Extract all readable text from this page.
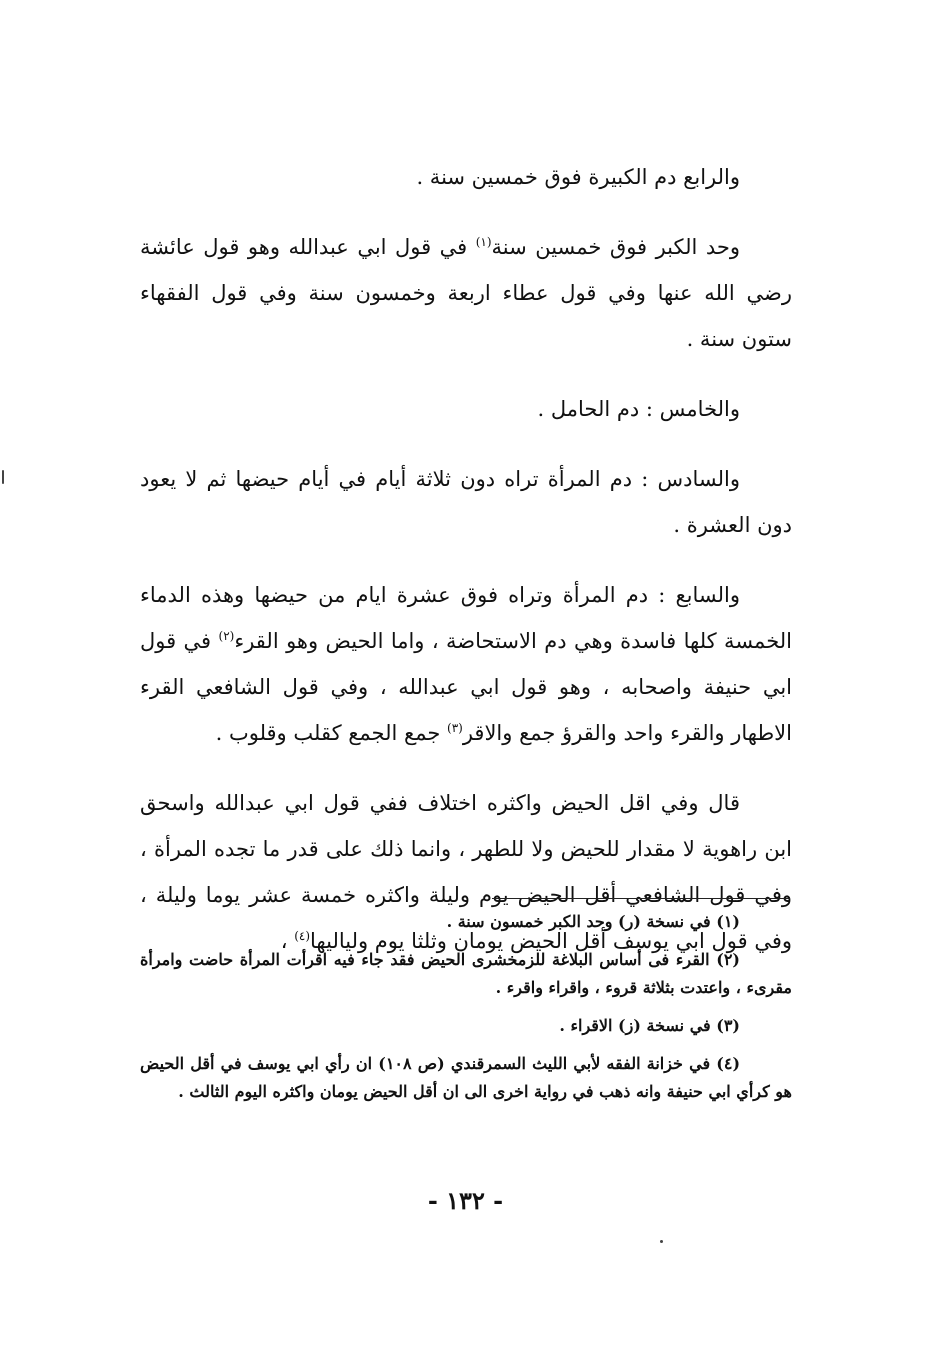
والرابع دم الكبيرة فوق خمسين سنة .

وحد الكبر فوق خمسين سنة$^{(١)}$ في قول ابي عبدالله وهو قول عائشة رضي الله عنها وفي قول عطاء اربعة وخمسون سنة وفي قول الفقهاء ستون سنة .

والخامس : دم الحامل .

والسادس : دم المرأة تراه دون ثلاثة أيام في أيام حيضها ثم لا يعود دون العشرة .

والسابع : دم المرأة وتراه فوق عشرة ايام من حيضها وهذه الدماء الخمسة كلها فاسدة وهي دم الاستحاضة ، واما الحيض وهو القرء$^{(٢)}$ في قول ابي حنيفة واصحابه ، وهو قول ابي عبدالله ، وفي قول الشافعي القرء الاطهار والقرء واحد والقرؤ جمع والاقر$^{(٣)}$ جمع الجمع كقلب وقلوب .

قال وفي اقل الحيض واكثره اختلاف ففي قول ابي عبدالله واسحق ابن راهوية لا مقدار للحيض ولا للطهر ، وانما ذلك على قدر ما تجده المرأة ، وفي قول الشافعي أقل الحيض يوم وليلة واكثره خمسة عشر يوما وليلة ، وفي قول ابي يوسف أقل الحيض يومان وثلثا يوم ولياليها$^{(٤)}$ ،

(١) في نسخة (ر) وحد الكبر خمسون سنة .

(٢) القرء فى أساس البلاغة للزمخشرى الحيض فقد جاء فيه اقرأت المرأة حاضت وامرأة مقرىء ، واعتدت بثلاثة قروء ، واقراء واقرء .

(٣) في نسخة (ز) الاقراء .

(٤) في خزانة الفقه لأبي الليث السمرقندي (ص ١٠٨) ان رأي ابي يوسف في أقل الحيض هو كرأي ابي حنيفة وانه ذهب في رواية اخرى الى ان أقل الحيض يومان واكثره اليوم الثالث .

- ١٣٢ -
